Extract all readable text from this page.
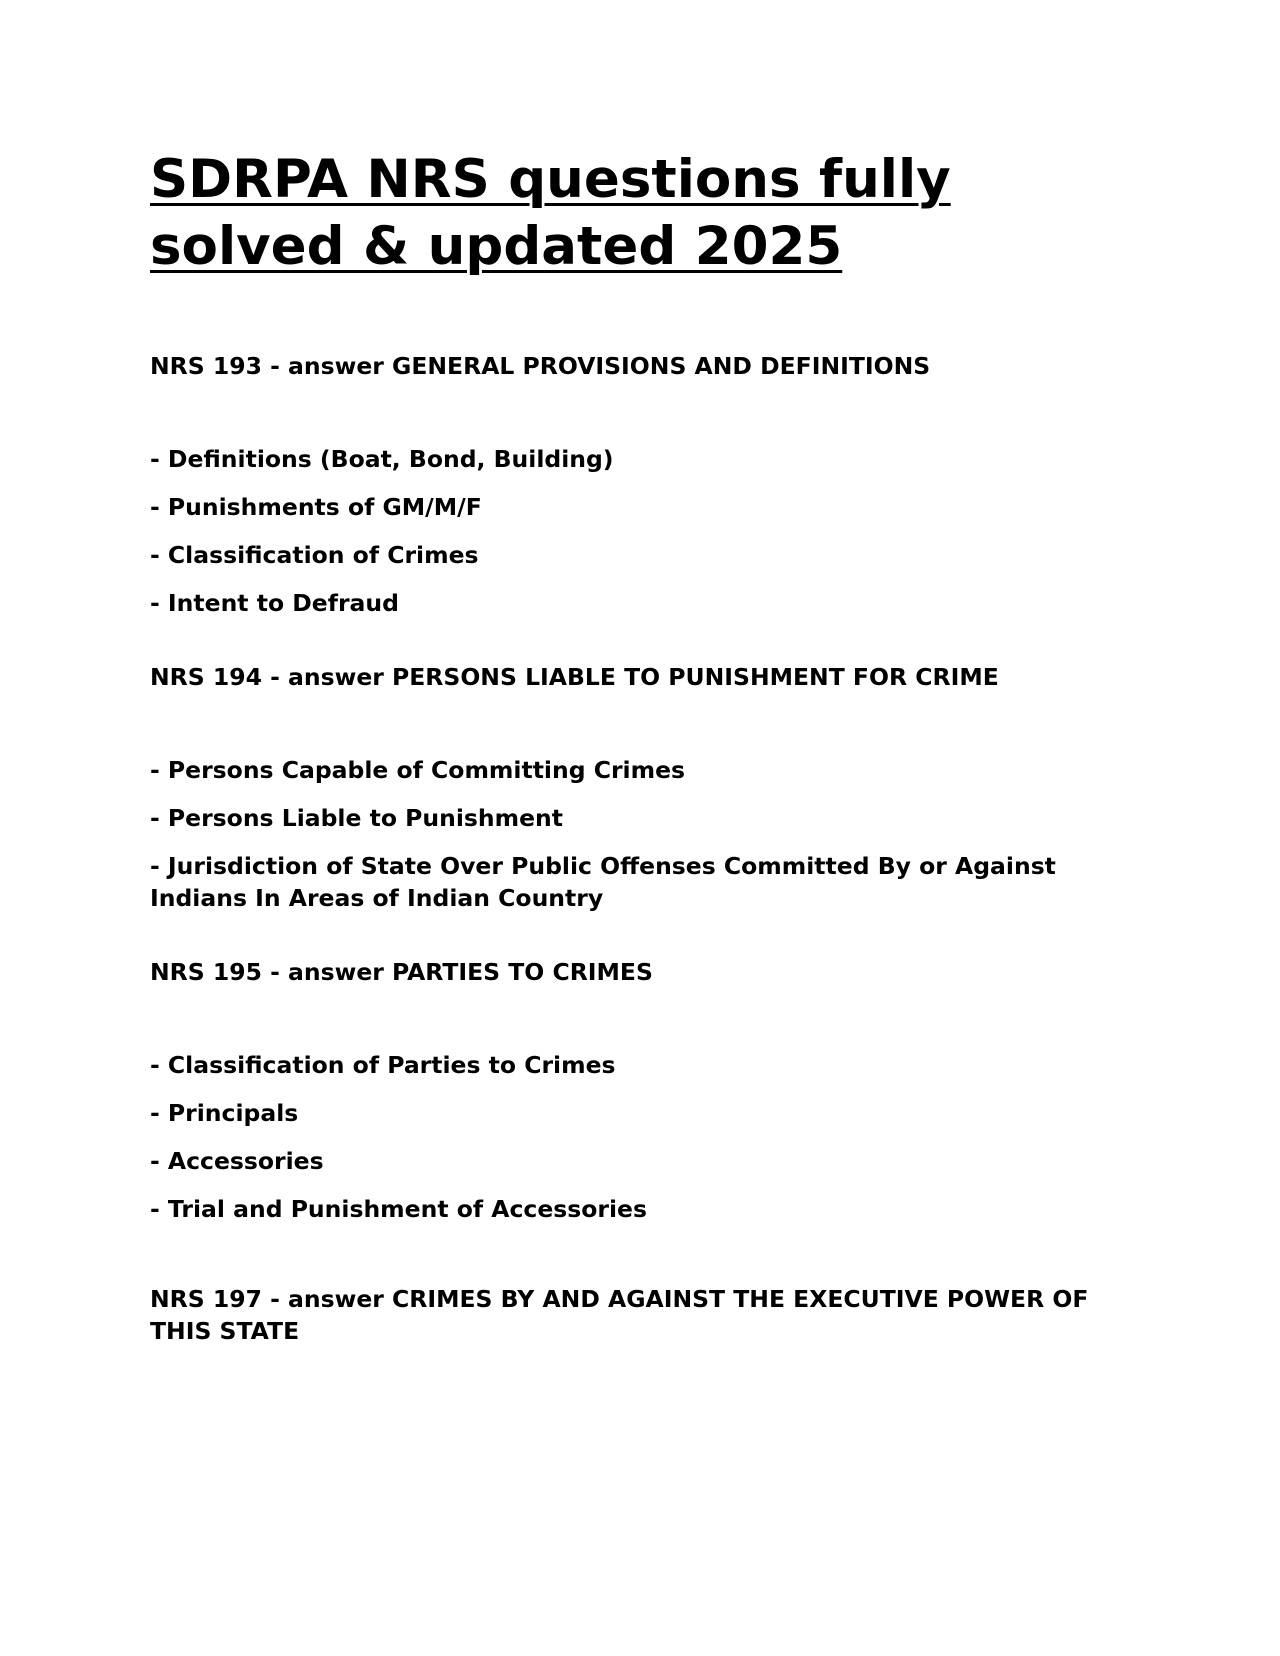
SDRPA NRS questions fully solved & updated 2025

NRS 193 - answer GENERAL PROVISIONS AND DEFINITIONS

- Definitions (Boat, Bond, Building)

- Punishments of GM/M/F

- Classification of Crimes

- Intent to Defraud

NRS 194 - answer PERSONS LIABLE TO PUNISHMENT FOR CRIME

- Persons Capable of Committing Crimes

- Persons Liable to Punishment

- Jurisdiction of State Over Public Offenses Committed By or Against Indians In Areas of Indian Country

NRS 195 - answer PARTIES TO CRIMES

- Classification of Parties to Crimes

- Principals

- Accessories

- Trial and Punishment of Accessories

NRS 197 - answer CRIMES BY AND AGAINST THE EXECUTIVE POWER OF THIS STATE
